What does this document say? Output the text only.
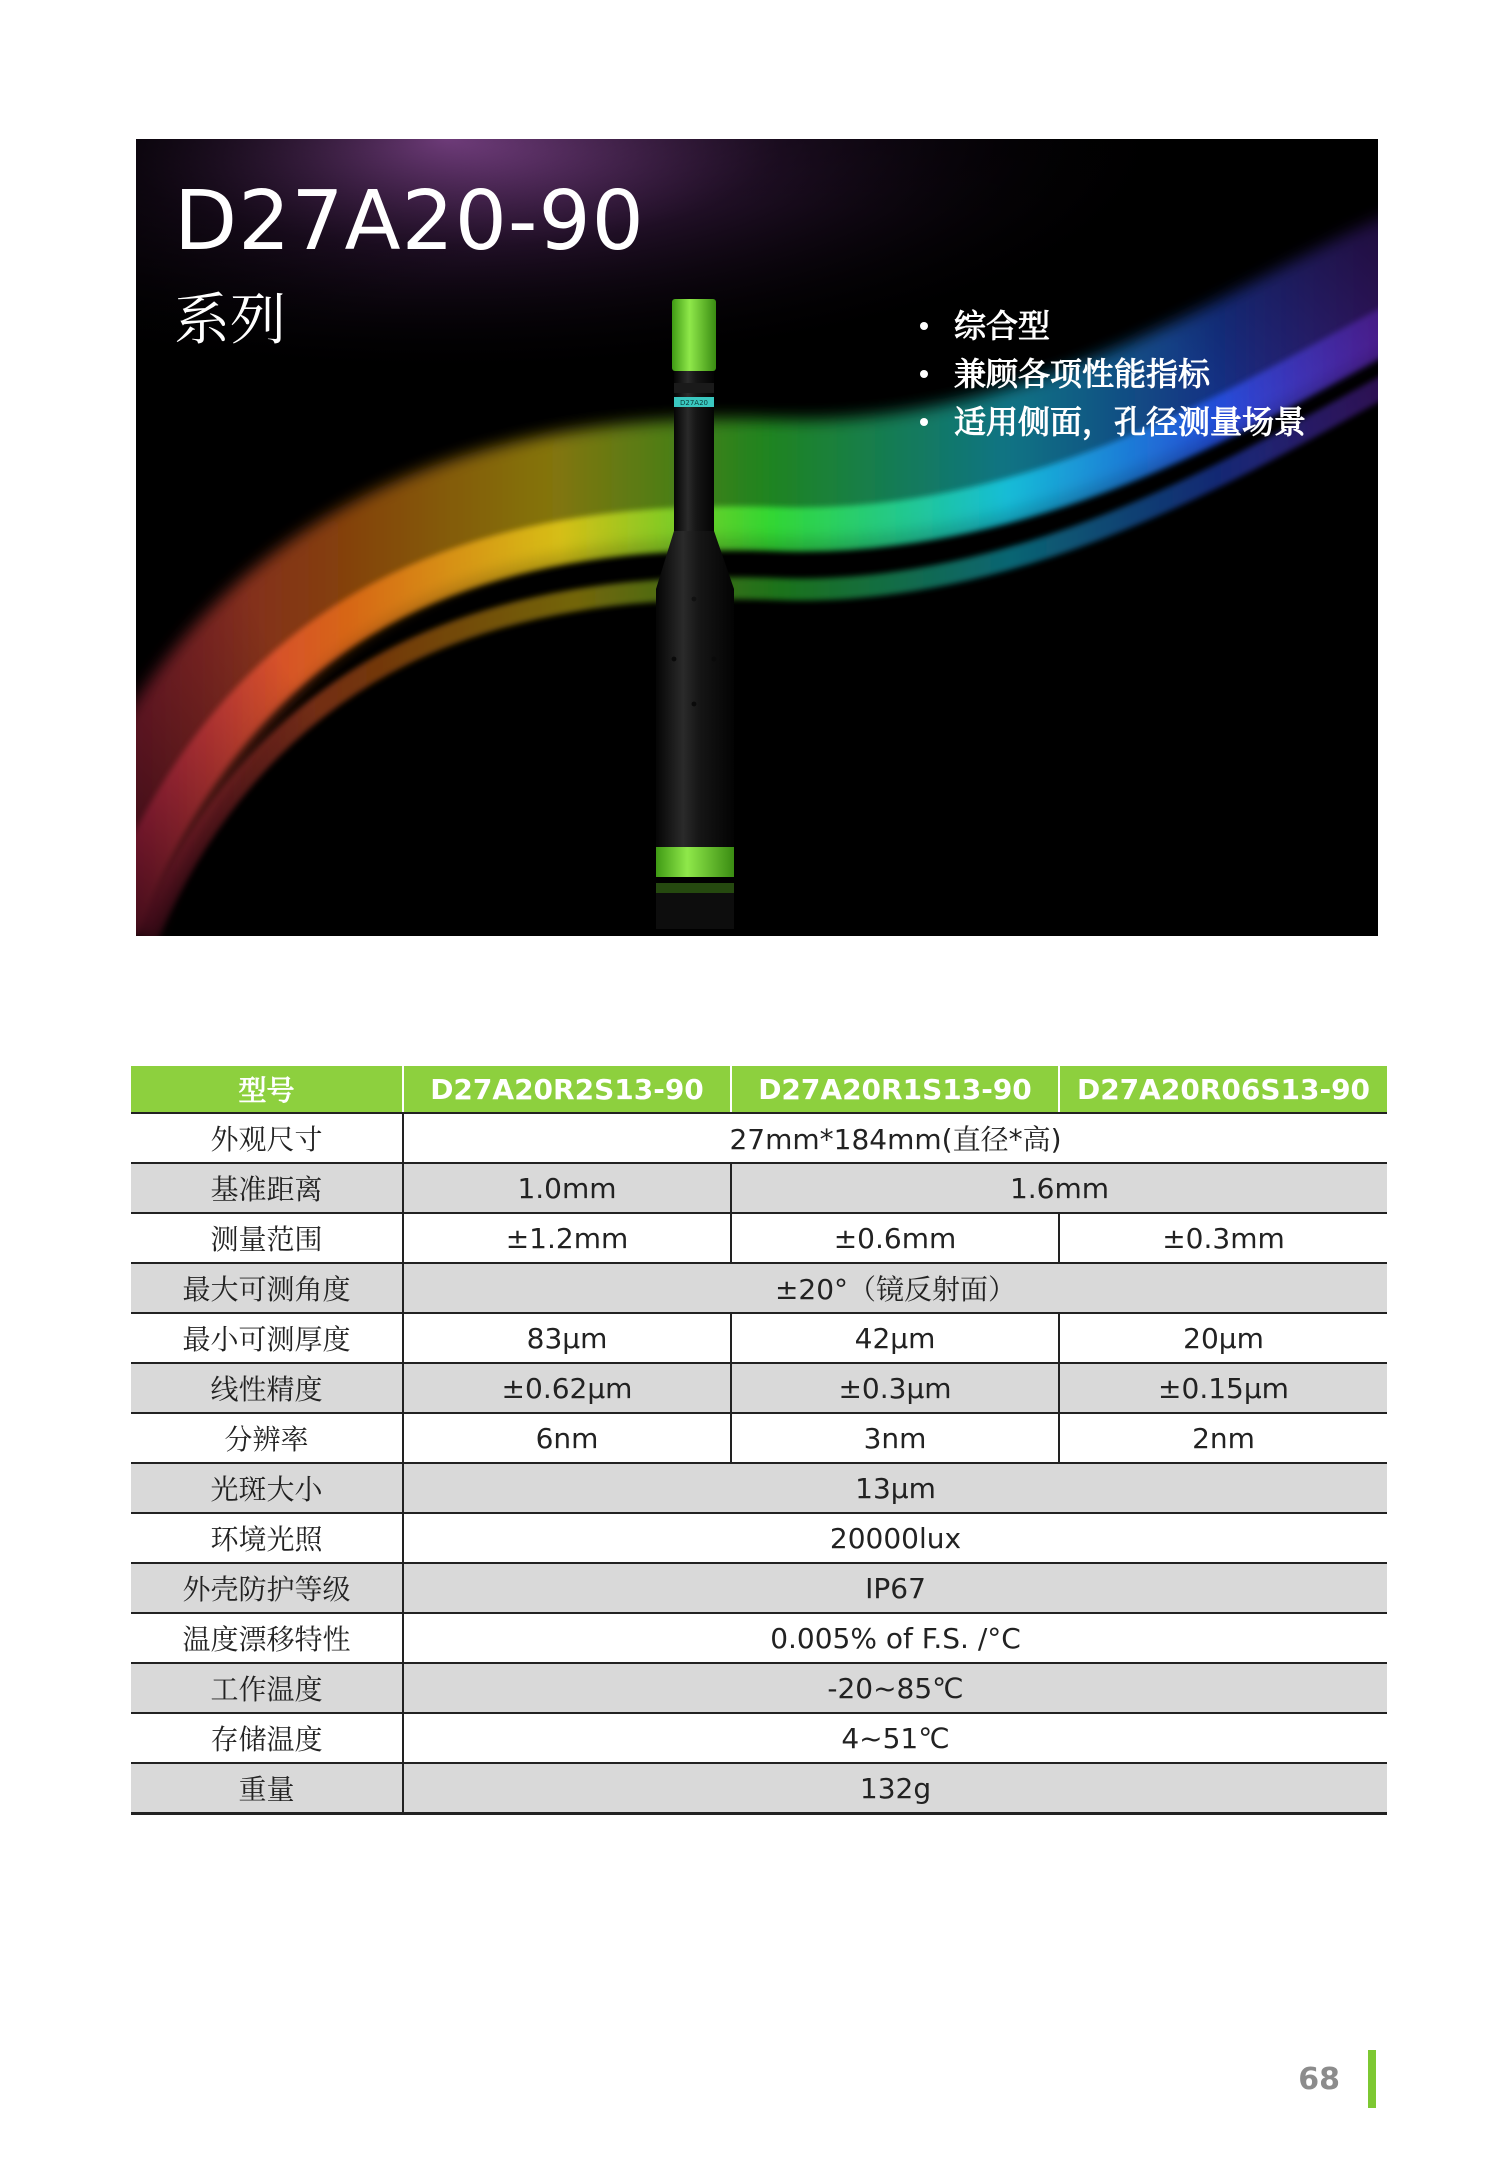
D27A20-90
系列
D27A20
综合型
兼顾各项性能指标
适用侧面，孔径测量场景
型号	D27A20R2S13-90	D27A20R1S13-90	D27A20R06S13-90
外观尺寸	27mm*184mm(直径*高)		
基准距离	1.0mm	1.6mm	
测量范围	±1.2mm	±0.6mm	±0.3mm
最大可测角度	±20°（镜反射面）		
最小可测厚度	83μm	42μm	20μm
线性精度	±0.62μm	±0.3μm	±0.15μm
分辨率	6nm	3nm	2nm
光斑大小	13μm		
环境光照	20000lux		
外壳防护等级	IP67		
温度漂移特性	0.005% of F.S. /°C		
工作温度	-20~85℃		
存储温度	4~51℃		
重量	132g		
68
